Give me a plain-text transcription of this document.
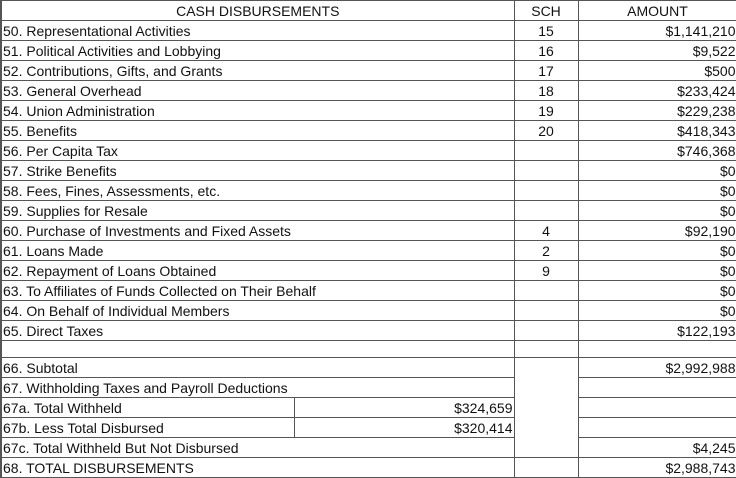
CASH DISBURSEMENTS		SCH	AMOUNT
50. Representational Activities		15	$1,141,210
51. Political Activities and Lobbying		16	$9,522
52. Contributions, Gifts, and Grants		17	$500
53. General Overhead		18	$233,424
54. Union Administration		19	$229,238
55. Benefits		20	$418,343
56. Per Capita Tax			$746,368
57. Strike Benefits			$0
58. Fees, Fines, Assessments, etc.			$0
59. Supplies for Resale			$0
60. Purchase of Investments and Fixed Assets		4	$92,190
61. Loans Made		2	$0
62. Repayment of Loans Obtained		9	$0
63. To Affiliates of Funds Collected on Their Behalf			$0
64. On Behalf of Individual Members			$0
65. Direct Taxes			$122,193

66. Subtotal			$2,992,988
67. Withholding Taxes and Payroll Deductions			
67a. Total Withheld	$324,659		
67b. Less Total Disbursed	$320,414		
67c. Total Withheld But Not Disbursed			$4,245
68. TOTAL DISBURSEMENTS			$2,988,743
